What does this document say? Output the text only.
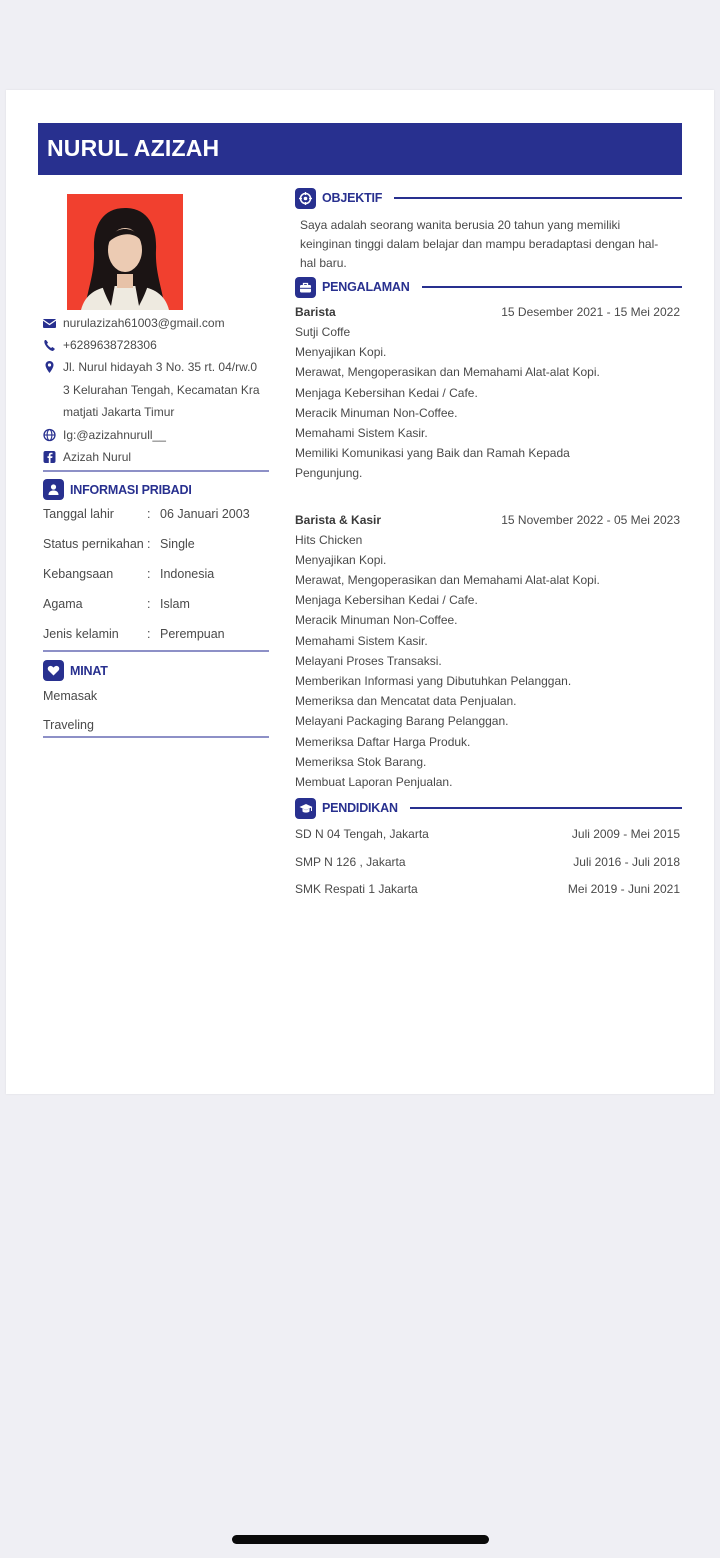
NURUL AZIZAH
nurulazizah61003@gmail.com
+6289638728306
Jl. Nurul hidayah 3 No. 35 rt. 04/rw.0
3 Kelurahan Tengah, Kecamatan Kra
matjati Jakarta Timur
Ig:@azizahnurull__
Azizah Nurul
INFORMASI PRIBADI
Tanggal lahir	: 06 Januari 2003
Status pernikahan : Single
Kebangsaan	: Indonesia
Agama	: Islam
Jenis kelamin	: Perempuan
MINAT
Memasak
Traveling
OBJEKTIF
Saya adalah seorang wanita berusia 20 tahun yang memiliki
keinginan tinggi dalam belajar dan mampu beradaptasi dengan hal-
hal baru.
PENGALAMAN
Barista	15 Desember 2021 - 15 Mei 2022
Sutji Coffe
Menyajikan Kopi.
Merawat, Mengoperasikan dan Memahami Alat-alat Kopi.
Menjaga Kebersihan Kedai / Cafe.
Meracik Minuman Non-Coffee.
Memahami Sistem Kasir.
Memiliki Komunikasi yang Baik dan Ramah Kepada
Pengunjung.
Barista & Kasir	15 November 2022 - 05 Mei 2023
Hits Chicken
Menyajikan Kopi.
Merawat, Mengoperasikan dan Memahami Alat-alat Kopi.
Menjaga Kebersihan Kedai / Cafe.
Meracik Minuman Non-Coffee.
Memahami Sistem Kasir.
Melayani Proses Transaksi.
Memberikan Informasi yang Dibutuhkan Pelanggan.
Memeriksa dan Mencatat data Penjualan.
Melayani Packaging Barang Pelanggan.
Memeriksa Daftar Harga Produk.
Memeriksa Stok Barang.
Membuat Laporan Penjualan.
PENDIDIKAN
SD N 04 Tengah, Jakarta	Juli 2009 - Mei 2015
SMP N 126 , Jakarta	Juli 2016 - Juli 2018
SMK Respati 1 Jakarta	Mei 2019 - Juni 2021
